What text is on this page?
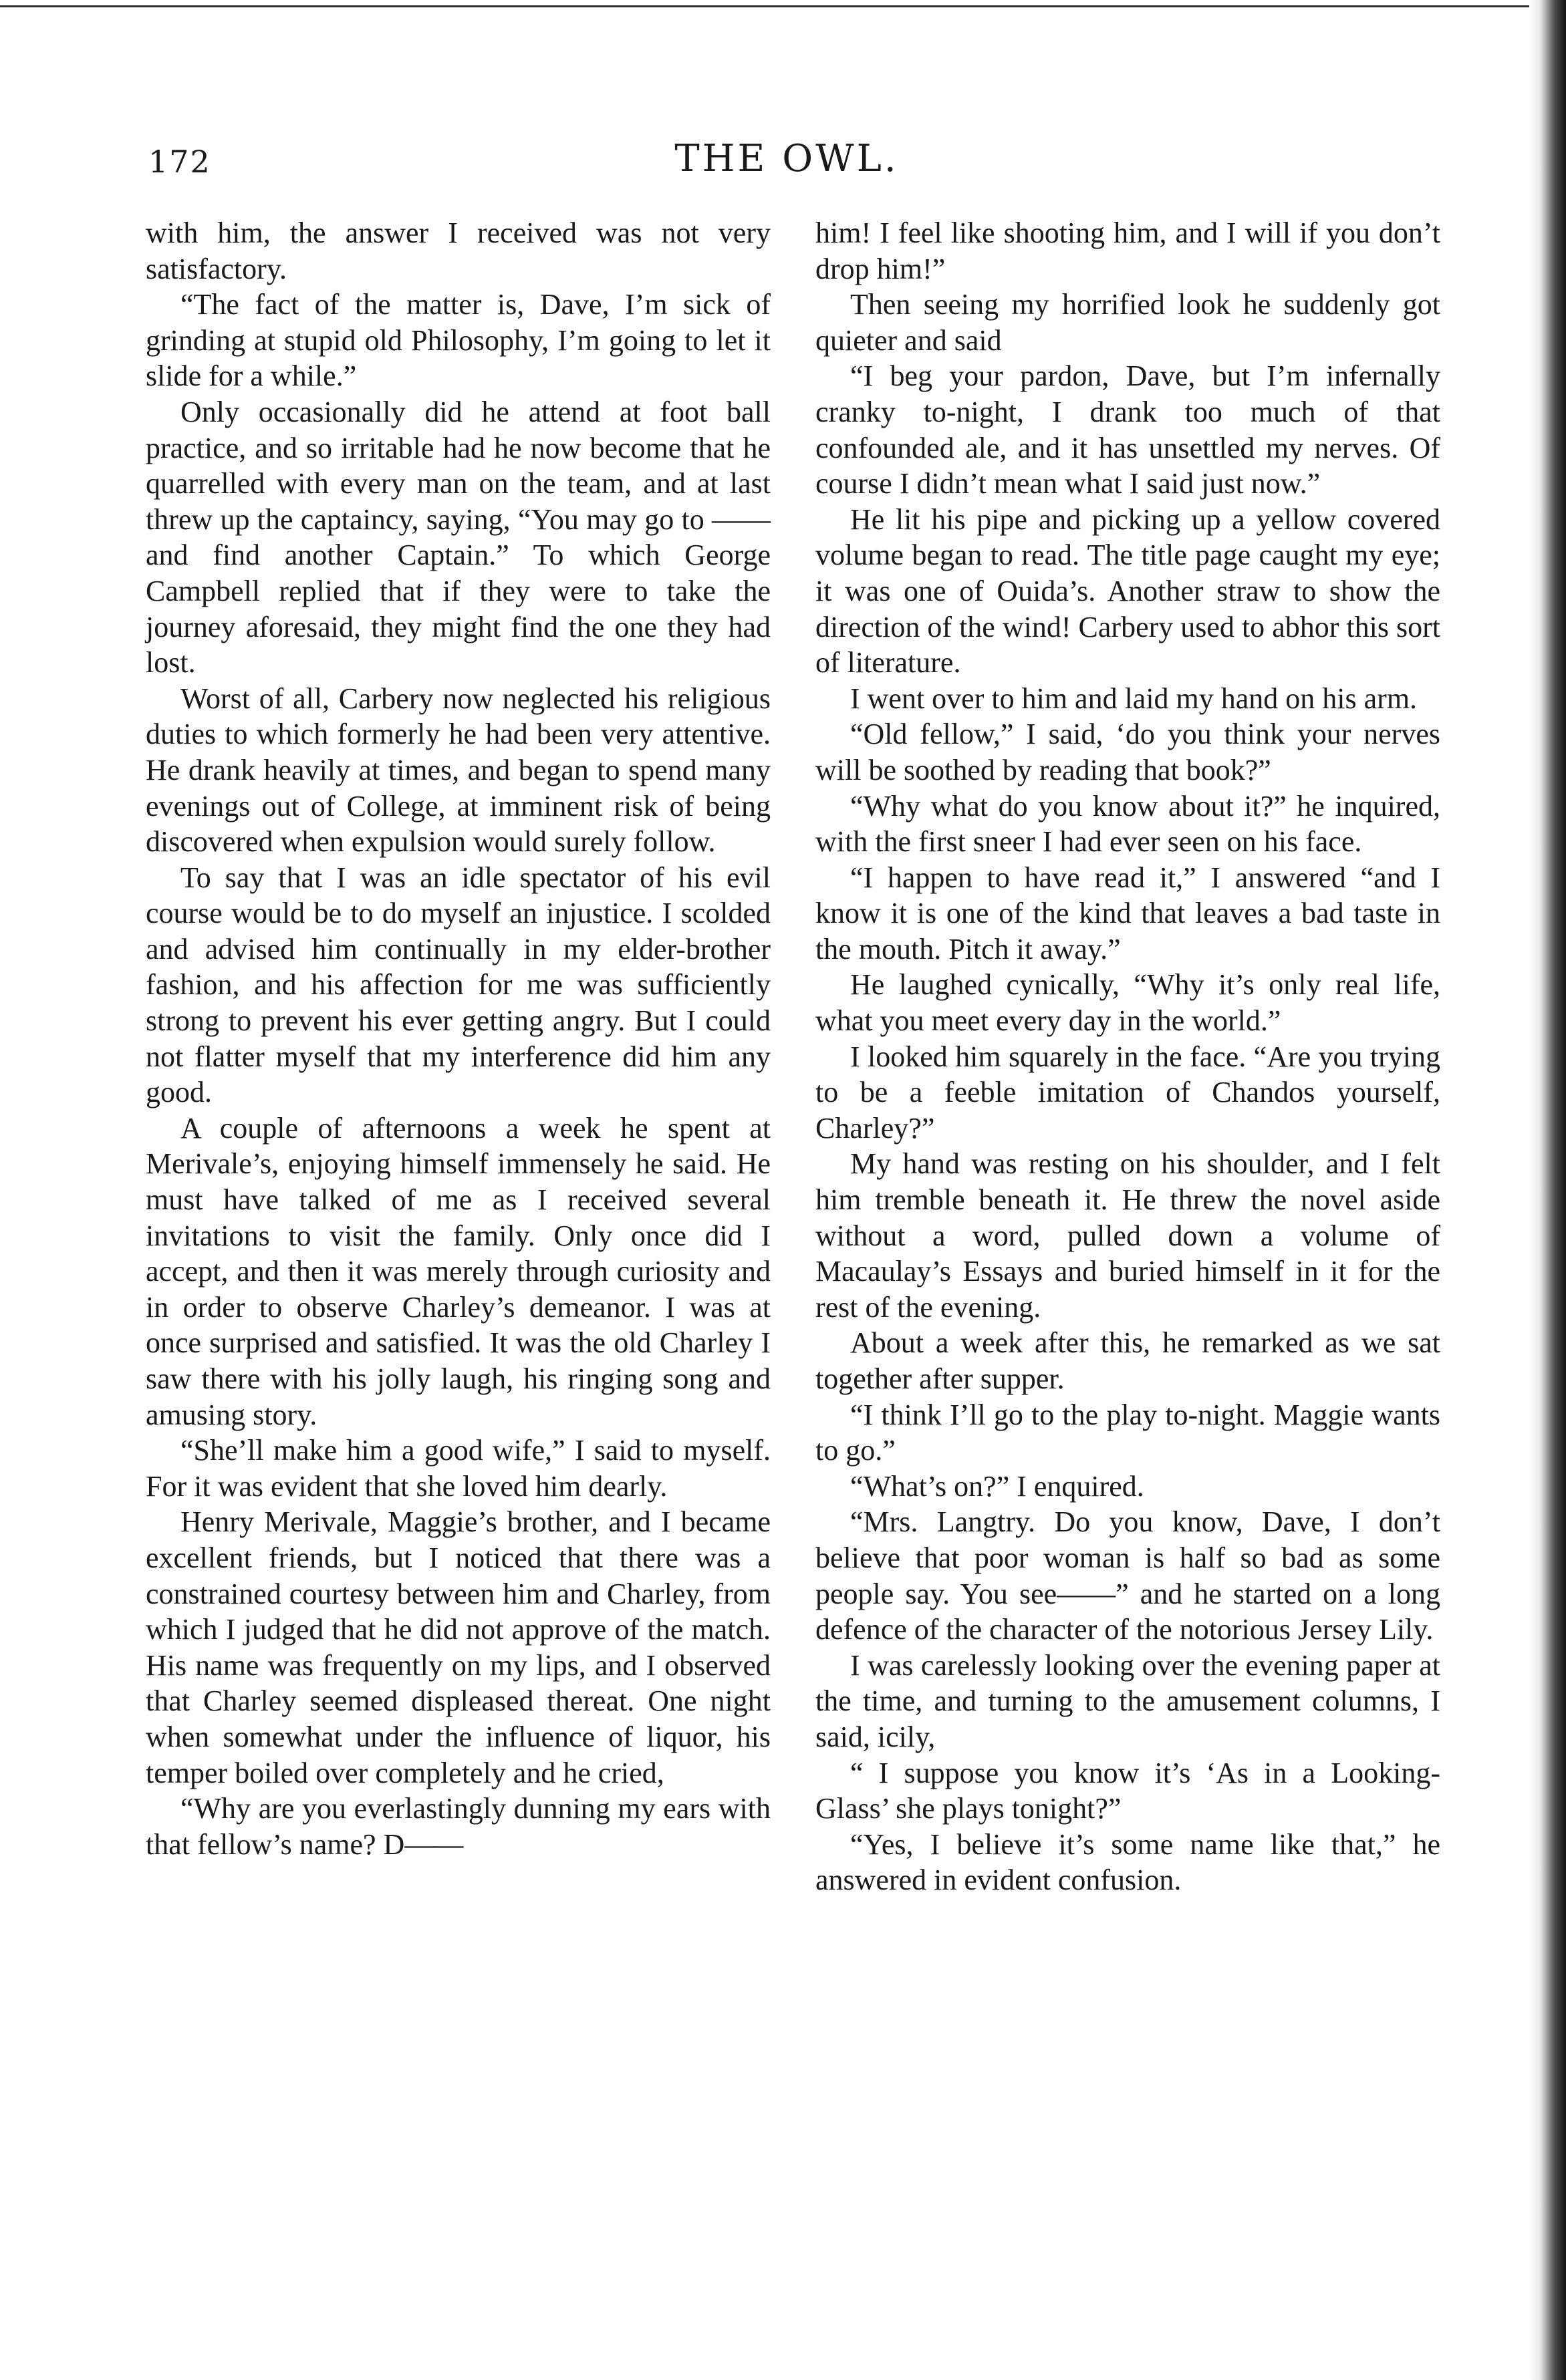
172	THE OWL.

with him, the answer I received was not very satisfactory.

“The fact of the matter is, Dave, I’m sick of grinding at stupid old Philosophy, I’m going to let it slide for a while.”

Only occasionally did he attend at foot ball practice, and so irritable had he now become that he quarrelled with every man on the team, and at last threw up the captaincy, saying, “You may go to —— and find another Captain.” To which George Campbell replied that if they were to take the journey aforesaid, they might find the one they had lost.

Worst of all, Carbery now neglected his religious duties to which formerly he had been very attentive. He drank heavily at times, and began to spend many evenings out of College, at imminent risk of being discovered when expulsion would surely follow.

To say that I was an idle spectator of his evil course would be to do myself an injustice. I scolded and advised him continually in my elder-brother fashion, and his affection for me was sufficiently strong to prevent his ever getting angry. But I could not flatter myself that my interference did him any good.

A couple of afternoons a week he spent at Merivale’s, enjoying himself immensely he said. He must have talked of me as I received several invitations to visit the family. Only once did I accept, and then it was merely through curiosity and in order to observe Charley’s demeanor. I was at once surprised and satisfied. It was the old Charley I saw there with his jolly laugh, his ringing song and amusing story.

“She’ll make him a good wife,” I said to myself. For it was evident that she loved him dearly.

Henry Merivale, Maggie’s brother, and I became excellent friends, but I noticed that there was a constrained courtesy between him and Charley, from which I judged that he did not approve of the match. His name was frequently on my lips, and I observed that Charley seemed displeased thereat. One night when somewhat under the influence of liquor, his temper boiled over completely and he cried,

“Why are you everlastingly dunning my ears with that fellow’s name? D——

him! I feel like shooting him, and I will if you don’t drop him!”

Then seeing my horrified look he suddenly got quieter and said

“I beg your pardon, Dave, but I’m infernally cranky to-night, I drank too much of that confounded ale, and it has unsettled my nerves. Of course I didn’t mean what I said just now.”

He lit his pipe and picking up a yellow covered volume began to read. The title page caught my eye; it was one of Ouida’s. Another straw to show the direction of the wind! Carbery used to abhor this sort of literature.

I went over to him and laid my hand on his arm.

“Old fellow,” I said, ‘do you think your nerves will be soothed by reading that book?”

“Why what do you know about it?” he inquired, with the first sneer I had ever seen on his face.

“I happen to have read it,” I answered “and I know it is one of the kind that leaves a bad taste in the mouth. Pitch it away.”

He laughed cynically, “Why it’s only real life, what you meet every day in the world.”

I looked him squarely in the face. “Are you trying to be a feeble imitation of Chandos yourself, Charley?”

My hand was resting on his shoulder, and I felt him tremble beneath it. He threw the novel aside without a word, pulled down a volume of Macaulay’s Essays and buried himself in it for the rest of the evening.

About a week after this, he remarked as we sat together after supper.

“I think I’ll go to the play to-night. Maggie wants to go.”

“What’s on?” I enquired.

“Mrs. Langtry. Do you know, Dave, I don’t believe that poor woman is half so bad as some people say. You see——” and he started on a long defence of the character of the notorious Jersey Lily.

I was carelessly looking over the evening paper at the time, and turning to the amusement columns, I said, icily,

“ I suppose you know it’s ‘As in a Looking-Glass’ she plays tonight?”

“Yes, I believe it’s some name like that,” he answered in evident confusion.
